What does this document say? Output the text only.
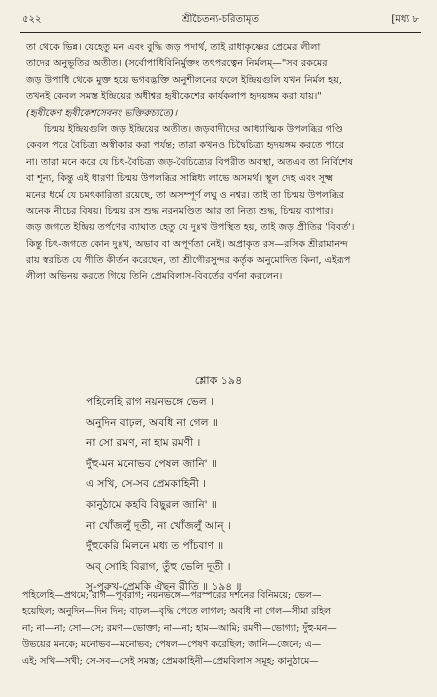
৫২২	শ্রীচৈতন্য-চরিতামৃত	[মধ্য ৮
তা থেকে ভিন্ন। যেহেতু মন এবং বুদ্ধি জড় পদার্থ, তাই রাধাকৃষ্ণের প্রেমের লীলা
তাদের অনুভূতির অতীত। (সর্বোপাধিবিনির্মুক্তং তৎপরত্বেন নির্মলম্‌—"সব রকমের
জড় উপাধি থেকে মুক্ত হয়ে ভগবদ্ভক্তি অনুশীলনের ফলে ইন্দ্রিয়গুলি যখন নির্মল হয়,
তখনই কেবল সমস্ত ইন্দ্রিয়ের অধীশ্বর হৃষীকেশের কার্যকলাপ হৃদয়ঙ্গম করা যায়।"
(হৃষীকেণ হৃষীকেশসেবনং ভক্তিরুচ্যতে)।
চিন্ময় ইন্দ্রিয়গুলি জড় ইন্দ্রিয়ের অতীত। জড়বাদীদের আধ্যাত্মিক উপলব্ধির গণ্ডি
কেবল পরে বৈচিত্র্য অস্বীকার করা পর্যন্ত; তারা কখনও চিদ্বৈচিত্র্য হৃদয়ঙ্গম করতে পারে
না। তারা মনে করে যে চিৎ-বৈচিত্র্য জড়-বৈচিত্র্যের বিপরীত অবস্থা, অতএব তা নির্বিশেষ
বা শূন্য, কিন্তু এই ধারণা চিন্ময় উপলব্ধির সান্নিধ্য লাভে অসমর্থ। স্থূল দেহ এবং সূক্ষ্ম
মনের ধর্মে যে চমৎকারিতা রয়েছে, তা অসম্পূর্ণ লঘু ও নশ্বর। তাই তা চিন্ময় উপলব্ধির
অনেক নীচের বিষয়। চিন্ময় রস শুদ্ধ নরনমণ্ডিত আর তা নিত্য শুদ্ধ, চিন্ময় ব্যাপার।
জড় জগতে ইন্দ্রিয় তর্পণের ব্যাঘাত হেতু যে দুঃখ উপস্থিত হয়, তাই জড় প্রীতির 'বিবর্ত'।
কিন্তু চিৎ-জগতে কোন দুঃখ, অভাব বা অপূর্ণতা নেই। অপ্রাকৃত রস—রসিক শ্রীরামানন্দ
রায় স্বরচিত যে গীতি কীর্তন করেছেন, তা শ্রীগৌরসুন্দর কর্তৃক অনুমোদিত কিনা, এইরূপ
লীলা অভিনয় করতে গিয়ে তিনি প্রেমবিলাস-বিবর্তের বর্ণনা করলেন।
শ্লোক ১৯৪
পহিলেহি রাগ নয়নভঙ্গে ভেল ।
অনুদিন বাঢ়ল, অবধি না গেল ॥
না সো রমণ, না হাম রমণী ।
দুঁহু-মন মনোভব পেষল জানি' ॥
এ সখি, সে-সব প্রেমকাহিনী ।
কানুঠামে কহবি বিছুরল জানি' ॥
না খোঁজলুঁ দূতী, না খোঁজলুঁ আন্‌ ।
দুঁহুকেরি মিলনে মধ্য ত পাঁচবাণ ॥
অব্‌ সোহি বিরাগ, তুঁহু ভেলি দূতী ।
সু-পুরুখ-প্রেমকি ঐছন রীতি ॥ ১৯৪ ॥
পহিলেহি—প্রথমে; রাগ—পূর্বরাগ; নয়নভঙ্গে—পরস্পরের দর্শনের বিনিময়ে; ভেল—
হয়েছিল; অনুদিন—দিন দিন; বাঢ়ল—বৃদ্ধি পেতে লাগল; অবধি না গেল—সীমা রহিল
না; না—না; সো—সে; রমণ—ভোক্তা; না—না; হাম—আমি; রমণী—ভোগ্যা; দুঁহু-মন—
উভয়ের মনকে; মনোভব—মনোভব; পেষল—পেষণ করেছিল; জানি—জেনে; এ—
এই; সখি—সখী; সে-সব—সেই সমস্ত; প্রেমকাহিনী—প্রেমবিলাস সমূহ; কানুঠামে—
